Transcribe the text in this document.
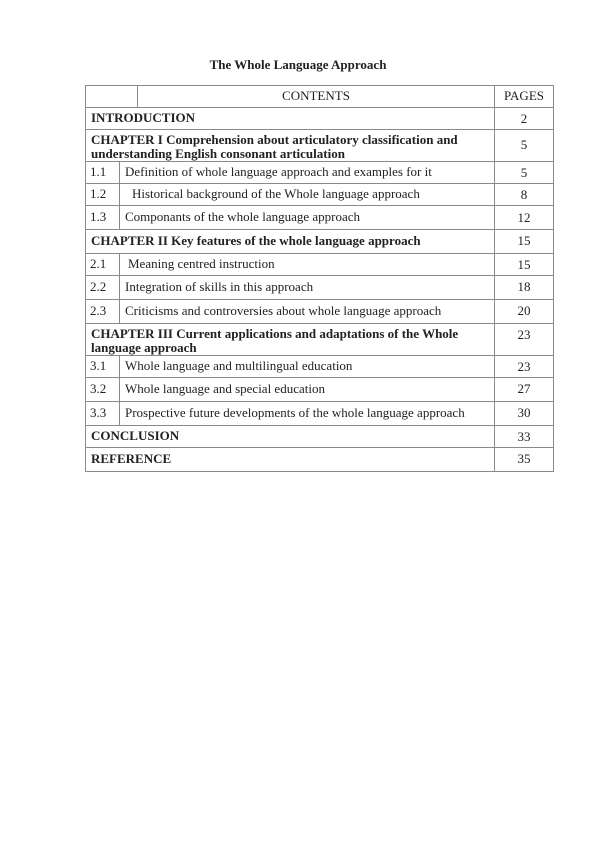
The Whole Language Approach
		CONTENTS	PAGES
INTRODUCTION			2
CHAPTER I Comprehension about articulatory classification and understanding English consonant articulation			5
1.1	Definition of whole language approach and examples for it		5
1.2	Historical background of the Whole language approach		8
1.3	Componants of the whole language approach		12
CHAPTER II Key features of the whole language approach			15
2.1	Meaning centred instruction		15
2.2	Integration of skills in this approach		18
2.3	Criticisms and controversies about whole language approach		20
CHAPTER III Current applications and adaptations of the Whole language approach			23
3.1	Whole language and multilingual education		23
3.2	Whole language and special education		27
3.3	Prospective future developments of the whole language approach		30
CONCLUSION			33
REFERENCE			35
